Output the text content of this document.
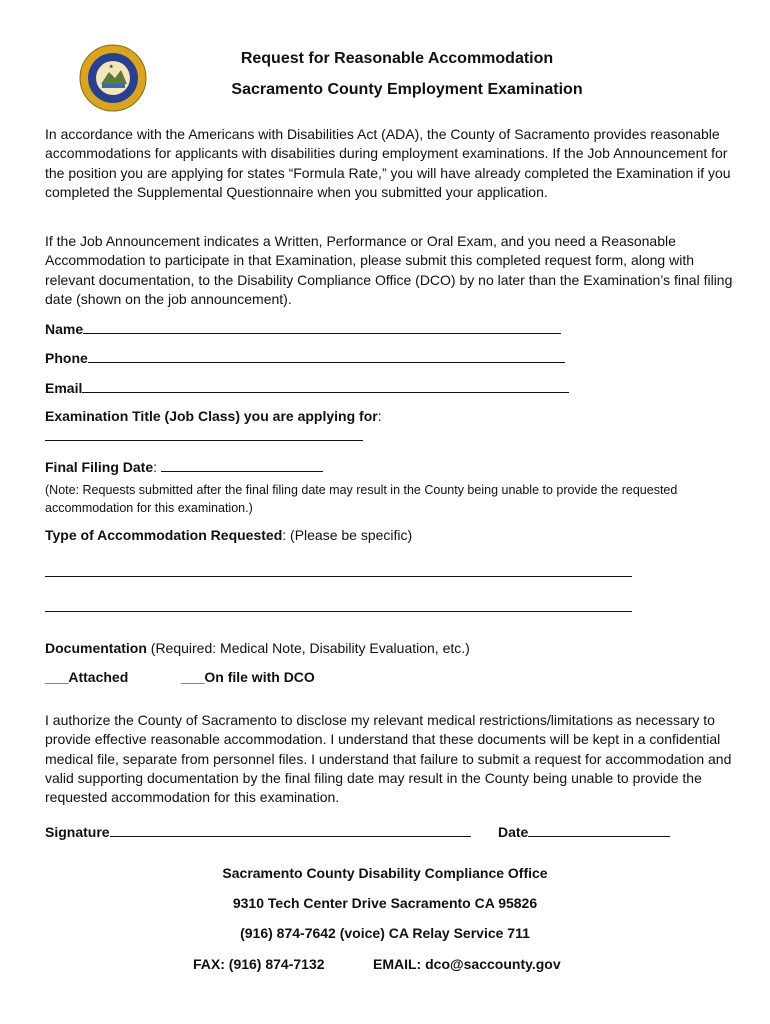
★	Request for Reasonable Accommodation
Sacramento County Employment Examination

In accordance with the Americans with Disabilities Act (ADA), the County of Sacramento provides reasonable accommodations for applicants with disabilities during employment examinations. If the Job Announcement for the position you are applying for states “Formula Rate,” you will have already completed the Examination if you completed the Supplemental Questionnaire when you submitted your application.

If the Job Announcement indicates a Written, Performance or Oral Exam, and you need a Reasonable Accommodation to participate in that Examination, please submit this completed request form, along with relevant documentation, to the Disability Compliance Office (DCO) by no later than the Examination’s final filing date (shown on the job announcement).

Name
Phone
Email
Examination Title (Job Class) you are applying for:
Final Filing Date:

(Note: Requests submitted after the final filing date may result in the County being unable to provide the requested accommodation for this examination.)

Type of Accommodation Requested: (Please be specific)
Documentation (Required: Medical Note, Disability Evaluation, etc.)
___Attached	___On file with DCO

I authorize the County of Sacramento to disclose my relevant medical restrictions/limitations as necessary to provide effective reasonable accommodation. I understand that these documents will be kept in a confidential medical file, separate from personnel files. I understand that failure to submit a request for accommodation and valid supporting documentation by the final filing date may result in the County being unable to provide the requested accommodation for this examination.

Signature	Date
Sacramento County Disability Compliance Office
9310 Tech Center Drive Sacramento CA 95826
(916) 874-7642 (voice) CA Relay Service 711
FAX: (916) 874-7132	EMAIL: dco@saccounty.gov
